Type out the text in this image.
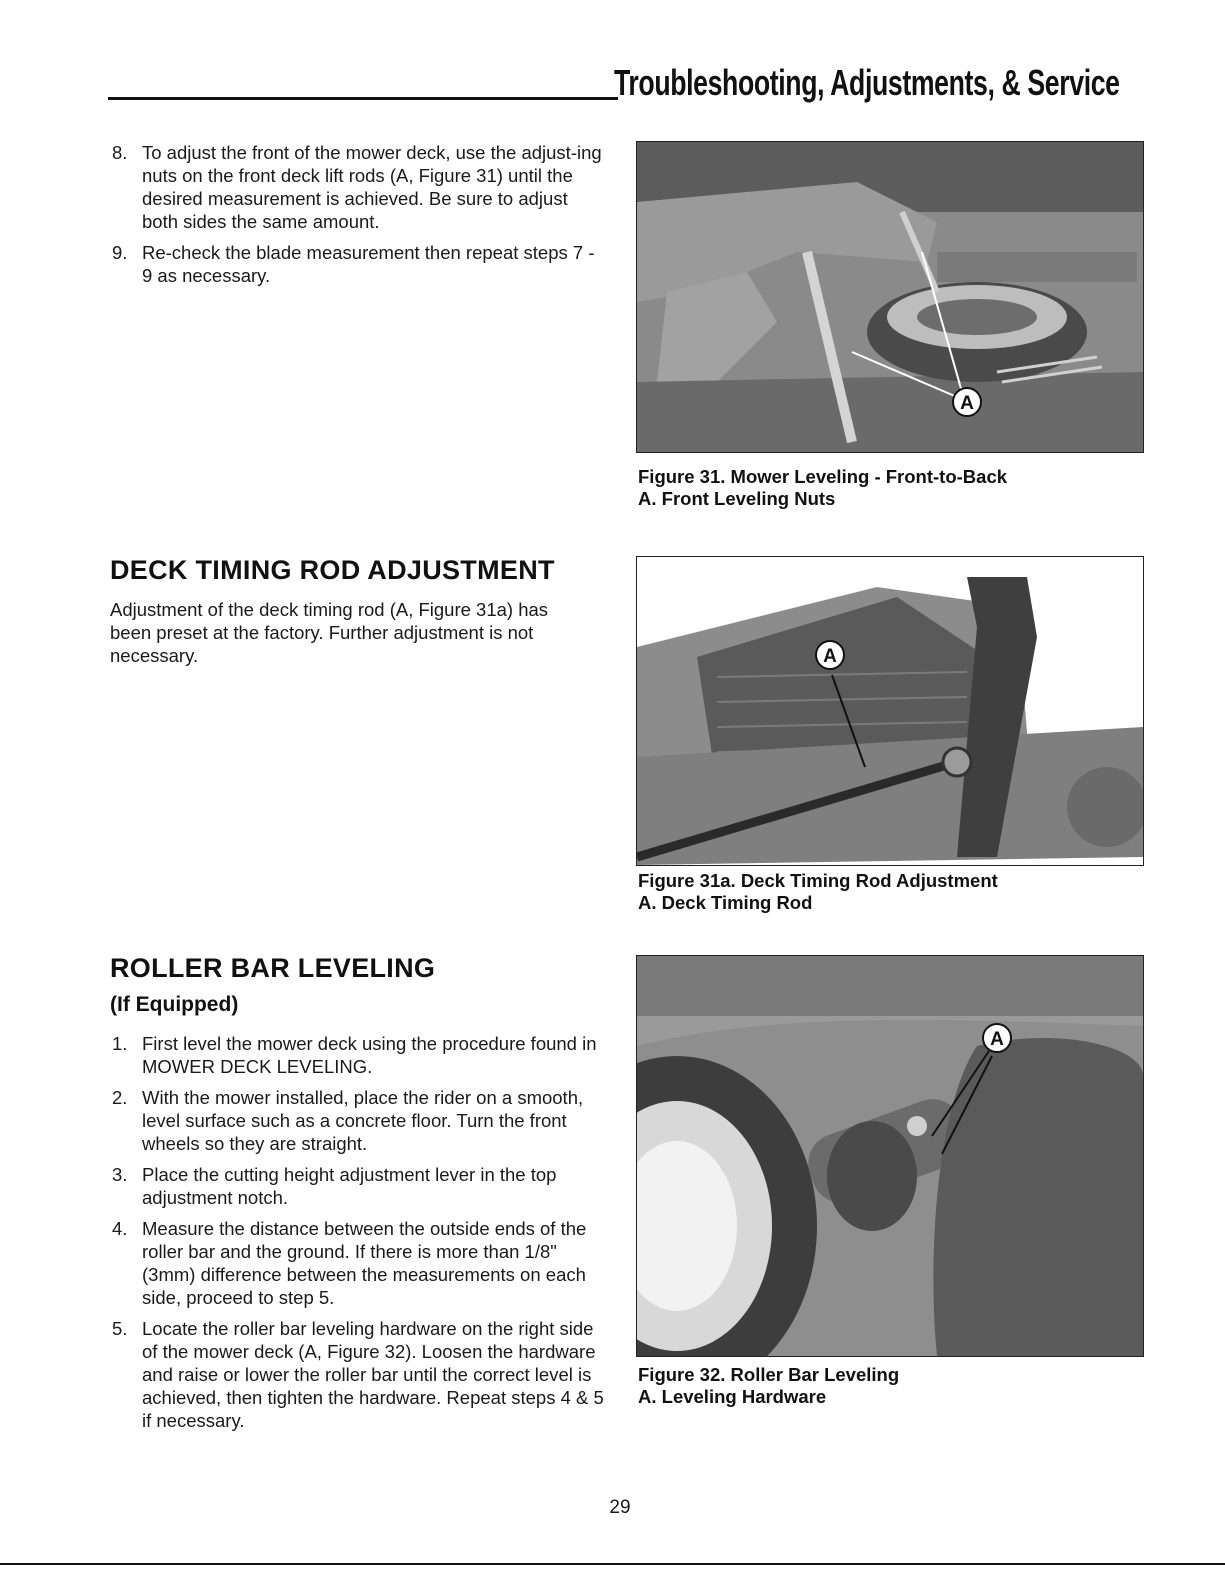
Troubleshooting, Adjustments, & Service
8. To adjust the front of the mower deck, use the adjust-ing nuts on the front deck lift rods (A, Figure 31) until the desired measurement is achieved. Be sure to adjust both sides the same amount.
9. Re-check the blade measurement then repeat steps 7 - 9 as necessary.
A
Figure 31. Mower Leveling - Front-to-Back
A. Front Leveling Nuts
DECK TIMING ROD ADJUSTMENT
Adjustment of the deck timing rod (A, Figure 31a) has been preset at the factory. Further adjustment is not necessary.	A
Figure 31a. Deck Timing Rod Adjustment
A. Deck Timing Rod
ROLLER BAR LEVELING
(If Equipped)
1. First level the mower deck using the procedure found in MOWER DECK LEVELING.
2. With the mower installed, place the rider on a smooth, level surface such as a concrete floor. Turn the front wheels so they are straight.
3. Place the cutting height adjustment lever in the top adjustment notch.
4. Measure the distance between the outside ends of the roller bar and the ground. If there is more than 1/8" (3mm) difference between the measurements on each side, proceed to step 5.
5. Locate the roller bar leveling hardware on the right side of the mower deck (A, Figure 32). Loosen the hardware and raise or lower the roller bar until the correct level is achieved, then tighten the hardware. Repeat steps 4 & 5 if necessary.
A
Figure 32. Roller Bar Leveling
A. Leveling Hardware
29
